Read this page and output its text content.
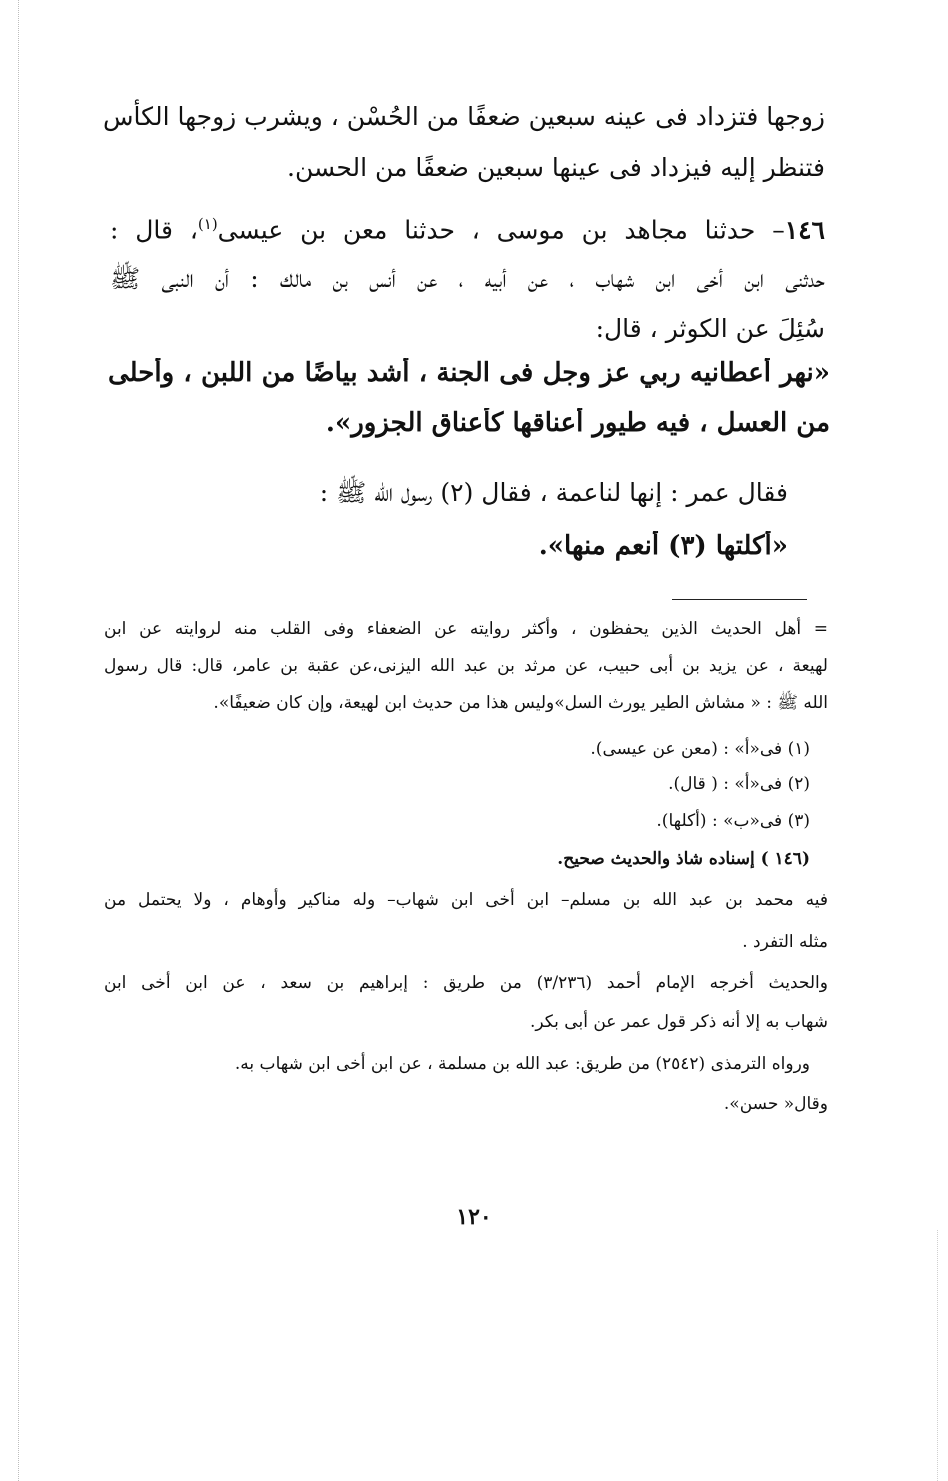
زوجها فتزداد فى عينه سبعين ضعفًا من الحُسْن ، ويشرب زوجها الكأس
فتنظر إليه فيزداد فى عينها سبعين ضعفًا من الحسن.
١٤٦– حدثنا مجاهد بن موسى ، حدثنا معن بن عيسى$^{(١)}$، قال :
حدثنى ابن أخى ابن شهاب ، عن أبيه ، عن أنس بن مالك : أن النبى ﷺ
سُئِلَ عن الكوثر ، قال:
«نهر أعطانيه ربي عز وجل فى الجنة ، أشد بياضًا من اللبن ، وأحلى
من العسل ، فيه طيور أعناقها كأعناق الجزور».
فقال عمر : إنها لناعمة ، فقال (٢) رسول الله ﷺ :
«أكلتها (٣) أنعم منها».
= أهل الحديث الذين يحفظون ، وأكثر روايته عن الضعفاء وفى القلب منه لروايته عن ابن
لهيعة ، عن يزيد بن أبى حبيب، عن مرثد بن عبد الله اليزنى،عن عقبة بن عامر، قال: قال رسول
الله ﷺ : « مشاش الطير يورث السل»وليس هذا من حديث ابن لهيعة، وإن كان ضعيفًا».
(١) فى«أ» : (معن عن عيسى).
(٢) فى«أ» : ( قال).
(٣) فى«ب» : (أكلها).
(١٤٦ ) إسناده شاذ والحديث صحيح.
فيه محمد بن عبد الله بن مسلم– ابن أخى ابن شهاب– وله مناكير وأوهام ، ولا يحتمل من
مثله التفرد .
والحديث أخرجه الإمام أحمد (٣/٢٣٦) من طريق : إبراهيم بن سعد ، عن ابن أخى ابن
شهاب به إلا أنه ذكر قول عمر عن أبى بكر.
ورواه الترمذى (٢٥٤٢) من طريق: عبد الله بن مسلمة ، عن ابن أخى ابن شهاب به.
وقال« حسن».
١٢٠
